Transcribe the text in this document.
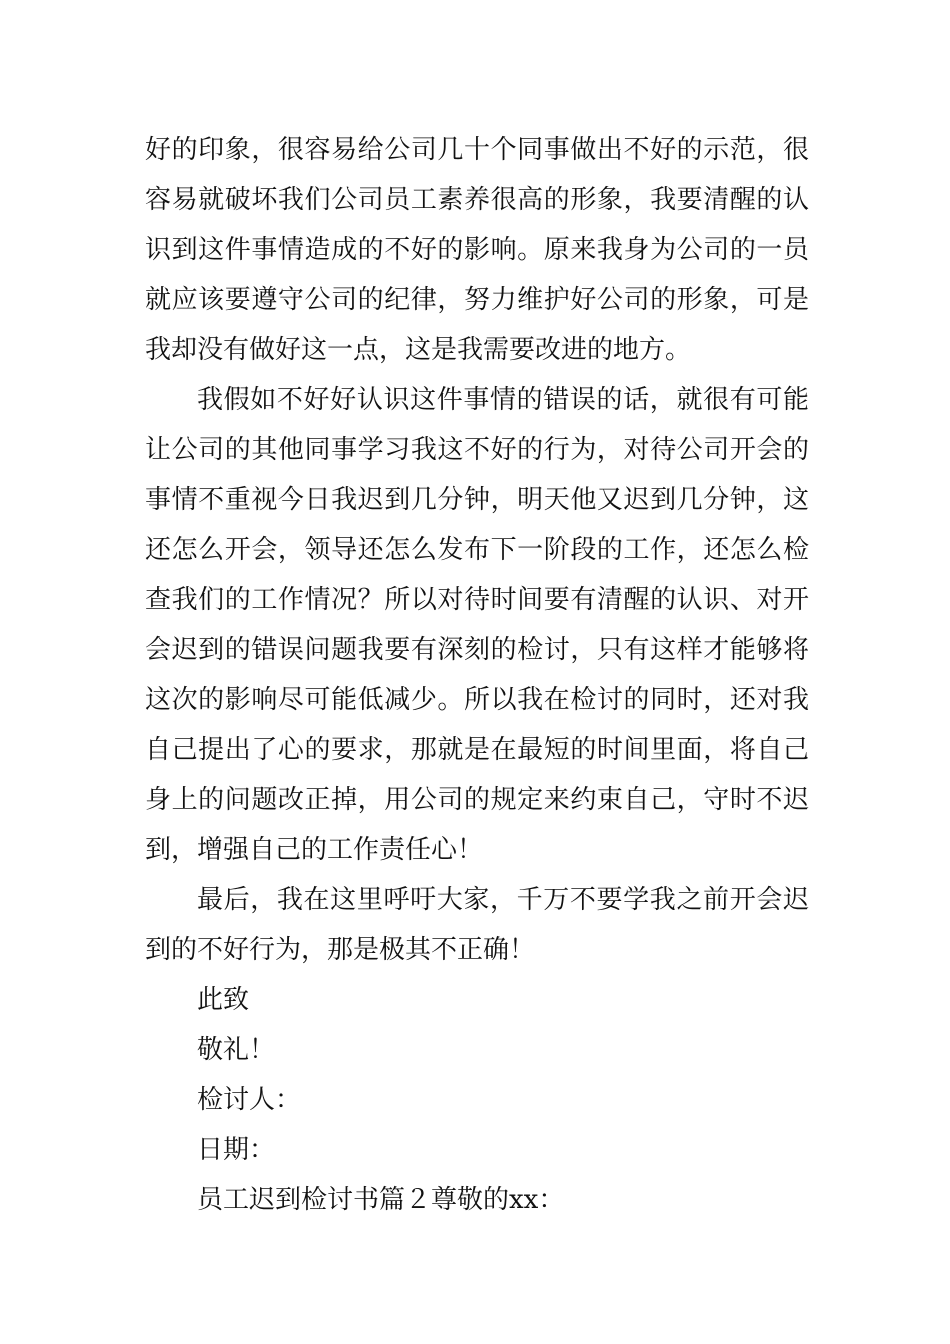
好的印象，很容易给公司几十个同事做出不好的示范，很容易就破坏我们公司员工素养很高的形象，我要清醒的认识到这件事情造成的不好的影响。原来我身为公司的一员就应该要遵守公司的纪律，努力维护好公司的形象，可是我却没有做好这一点，这是我需要改进的地方。

我假如不好好认识这件事情的错误的话，就很有可能让公司的其他同事学习我这不好的行为，对待公司开会的事情不重视今日我迟到几分钟，明天他又迟到几分钟，这还怎么开会，领导还怎么发布下一阶段的工作，还怎么检查我们的工作情况？所以对待时间要有清醒的认识、对开会迟到的错误问题我要有深刻的检讨，只有这样才能够将这次的影响尽可能低减少。所以我在检讨的同时，还对我自己提出了心的要求，那就是在最短的时间里面，将自己身上的问题改正掉，用公司的规定来约束自己，守时不迟到，增强自己的工作责任心！

最后，我在这里呼吁大家，千万不要学我之前开会迟到的不好行为，那是极其不正确！

此致

敬礼！

检讨人：

日期：

员工迟到检讨书篇２尊敬的xx：
